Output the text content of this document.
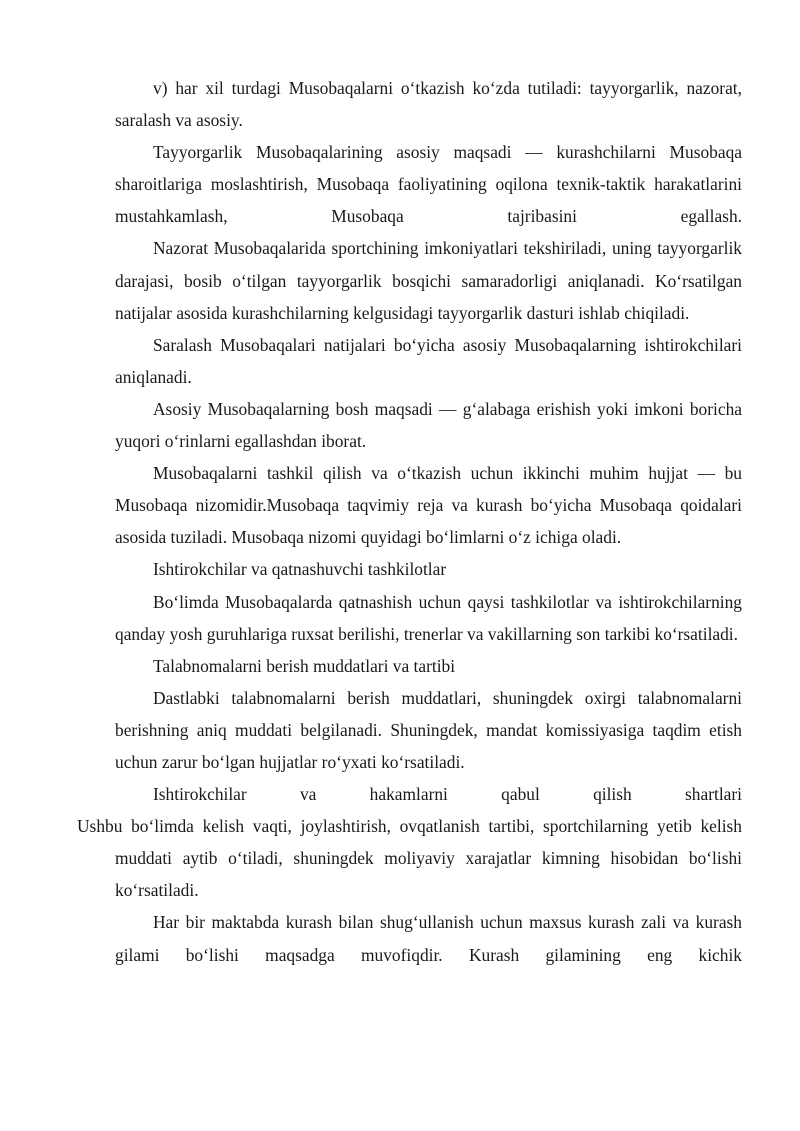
v) har xil turdagi Musobaqalarni o‘tkazish ko‘zda tutiladi: tayyorgarlik, nazorat, saralash va asosiy.

Tayyorgarlik Musobaqalarining asosiy maqsadi — kurashchilarni Musobaqa sharoitlariga moslashtirish, Musobaqa faoliyatining oqilona texnik-taktik harakatlarini mustahkamlash, Musobaqa tajribasini egallash.
Nazorat Musobaqalarida sportchining imkoniyatlari tekshiriladi, uning tayyorgarlik darajasi, bosib o‘tilgan tayyorgarlik bosqichi samaradorligi aniqlanadi. Ko‘rsatilgan natijalar asosida kurashchilarning kelgusidagi tayyorgarlik dasturi ishlab chiqiladi.

Saralash Musobaqalari natijalari bo‘yicha asosiy Musobaqalarning ishtirokchilari aniqlanadi.

Asosiy Musobaqalarning bosh maqsadi — g‘alabaga erishish yoki imkoni boricha yuqori o‘rinlarni egallashdan iborat.

Musobaqalarni tashkil qilish va o‘tkazish uchun ikkinchi muhim hujjat — bu Musobaqa nizomidir.Musobaqa taqvimiy reja va kurash bo‘yicha Musobaqa qoidalari asosida tuziladi. Musobaqa nizomi quyidagi bo‘limlarni o‘z ichiga oladi.

Ishtirokchilar va qatnashuvchi tashkilotlar

Bo‘limda Musobaqalarda qatnashish uchun qaysi tashkilotlar va ishtirokchilarning qanday yosh guruhlariga ruxsat berilishi, trenerlar va vakillarning son tarkibi ko‘rsatiladi.

Talabnomalarni berish muddatlari va tartibi

Dastlabki talabnomalarni berish muddatlari, shuningdek oxirgi talabnomalarni berishning aniq muddati belgilanadi. Shuningdek, mandat komissiyasiga taqdim etish uchun zarur bo‘lgan hujjatlar ro‘yxati ko‘rsatiladi.

Ishtirokchilar va hakamlarni qabul qilish shartlari
Ushbu bo‘limda kelish vaqti, joylashtirish, ovqatlanish tartibi, sportchilarning yetib kelish muddati aytib o‘tiladi, shuningdek moliyaviy xarajatlar kimning hisobidan bo‘lishi ko‘rsatiladi.

Har bir maktabda kurash bilan shug‘ullanish uchun maxsus kurash zali va kurash gilami bo‘lishi maqsadga muvofiqdir. Kurash gilamining eng kichik
